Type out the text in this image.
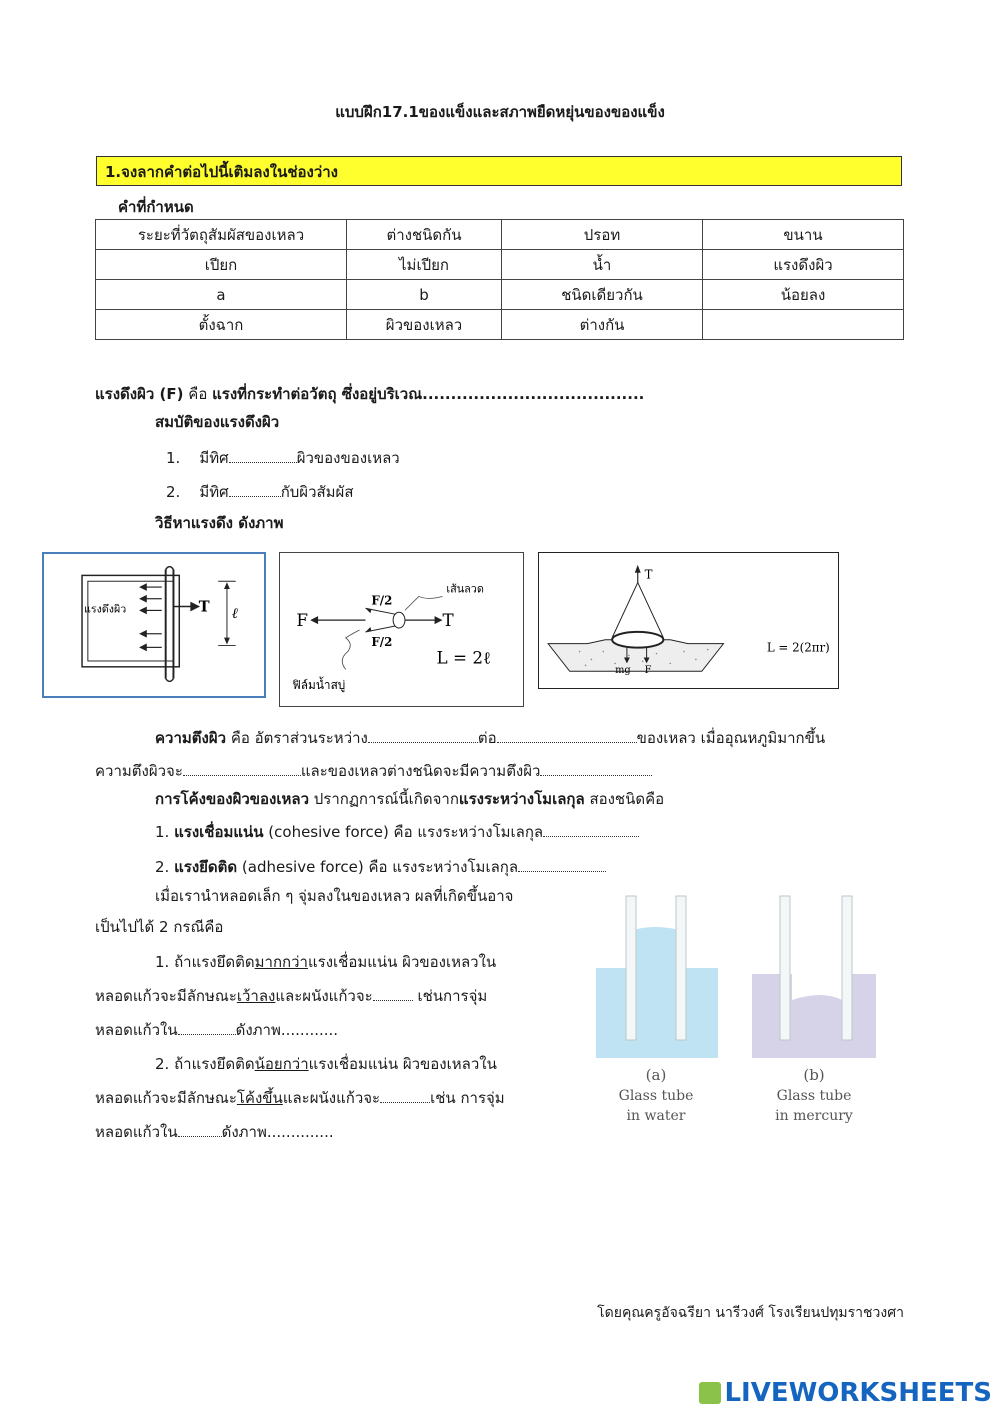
แบบฝึก17.1ของแข็งและสภาพยืดหยุ่นของของแข็ง
1.จงลากคำต่อไปนี้เติมลงในช่องว่าง
คำที่กำหนด
ระยะที่วัตถุสัมผัสของเหลว	ต่างชนิดกัน	ปรอท	ขนาน
เปียก	ไม่เปียก	น้ำ	แรงดึงผิว
a	b	ชนิดเดียวกัน	น้อยลง
ตั้งฉาก	ผิวของเหลว	ต่างกัน	
แรงดึงผิว (F) คือ แรงที่กระทำต่อวัตถุ ซึ่งอยู่บริเวณ.......................................
สมบัติของแรงดึงผิว
1. มีทิศ	ผิวของของเหลว
2. มีทิศ	กับผิวสัมผัส
วิธีหาแรงดึง ดังภาพ
แรงดึงผิว	T ℓ	F
F/2
F/2
เส้นลวด
T
L = 2ℓ
ฟิล์มน้ำสบู่
T
mg F
L = 2(2πr)
ความตึงผิว คือ อัตราส่วนระหว่าง	ต่อ	ของเหลว เมื่ออุณหภูมิมากขึ้น
ความตึงผิวจะ	และของเหลวต่างชนิดจะมีความตึงผิว
การโค้งของผิวของเหลว ปรากฏการณ์นี้เกิดจากแรงระหว่างโมเลกุล สองชนิดคือ
1. แรงเชื่อมแน่น (cohesive force) คือ แรงระหว่างโมเลกุล
2. แรงยึดติด (adhesive force) คือ แรงระหว่างโมเลกุล
เมื่อเรานำหลอดเล็ก ๆ จุ่มลงในของเหลว ผลที่เกิดขึ้นอาจ
เป็นไปได้ 2 กรณีคือ
1. ถ้าแรงยึดติดมากกว่าแรงเชื่อมแน่น ผิวของเหลวใน
หลอดแก้วจะมีลักษณะเว้าลงและผนังแก้วจะ	เช่นการจุ่ม
หลอดแก้วใน	ดังภาพ............
2. ถ้าแรงยึดติดน้อยกว่าแรงเชื่อมแน่น ผิวของเหลวใน
หลอดแก้วจะมีลักษณะโค้งขึ้นและผนังแก้วจะ	เช่น การจุ่ม
หลอดแก้วใน	ดังภาพ..............
(a)
Glass tube
in water
(b)
Glass tube
in mercury
โดยคุณครูอัจฉรียา นารีวงศ์ โรงเรียนปทุมราชวงศา
LIVEWORKSHEETS
